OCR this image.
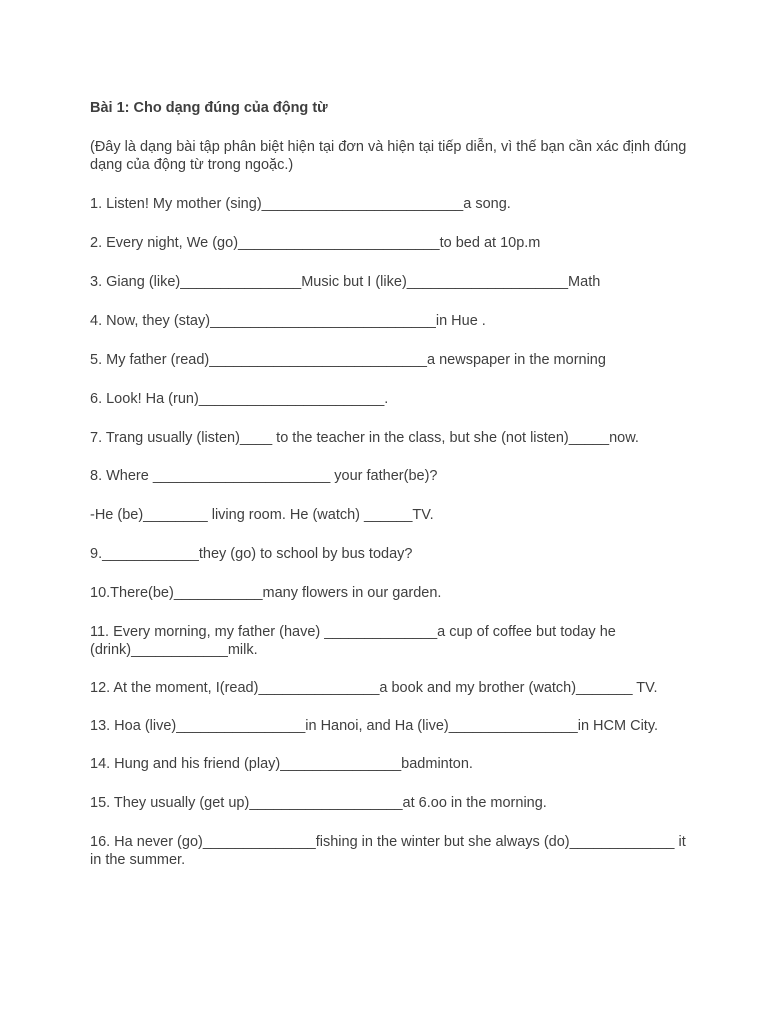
Bài 1: Cho dạng đúng của động từ
(Đây là dạng bài tập phân biệt hiện tại đơn và hiện tại tiếp diễn, vì thế bạn cần xác định đúng dạng của động từ trong ngoặc.)
1. Listen! My mother (sing)_________________________a song.
2. Every night, We (go)_________________________to bed at 10p.m
3. Giang (like)_______________Music but I (like)____________________Math
4. Now, they (stay)____________________________in Hue .
5. My father (read)___________________________a newspaper in the morning
6. Look! Ha (run)_______________________.
7. Trang usually (listen)____ to the teacher in the class, but she (not listen)_____now.
8. Where ______________________ your father(be)?
-He (be)________ living room. He (watch) ______TV.
9.____________they (go) to school by bus today?
10.There(be)___________many flowers in our garden.
11. Every morning, my father (have) ______________a cup of coffee but today he (drink)____________milk.
12. At the moment, I(read)_______________a book and my brother (watch)_______ TV.
13. Hoa (live)________________in Hanoi, and Ha (live)________________in HCM City.
14. Hung and his friend (play)_______________badminton.
15. They usually (get up)___________________at 6.oo in the morning.
16. Ha never (go)______________fishing in the winter but she always (do)_____________ it in the summer.
